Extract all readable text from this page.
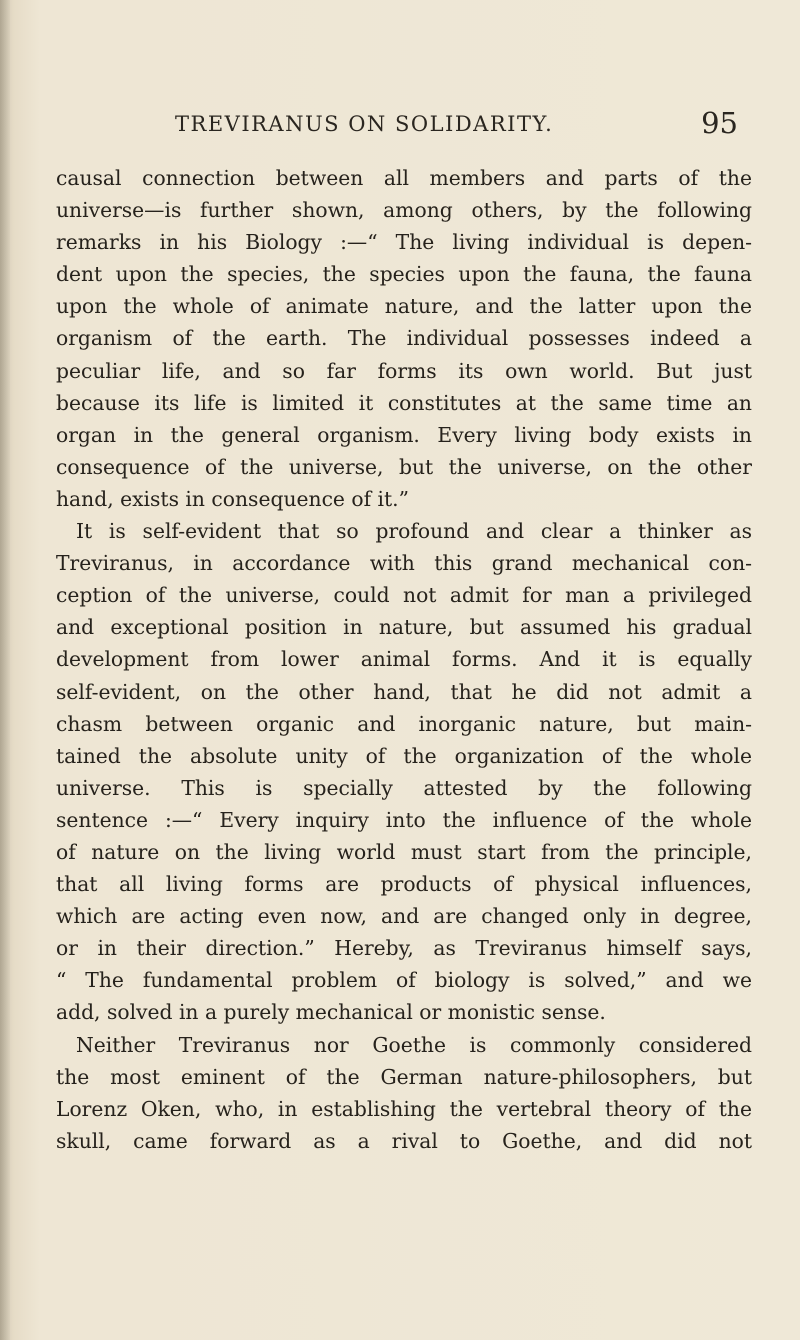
TREVIRANUS ON SOLIDARITY.	95
causal connection between all members and parts of the
universe—is further shown, among others, by the following
remarks in his Biology :—“ The living individual is depen-
dent upon the species, the species upon the fauna, the fauna
upon the whole of animate nature, and the latter upon the
organism of the earth. The individual possesses indeed a
peculiar life, and so far forms its own world. But just
because its life is limited it constitutes at the same time an
organ in the general organism. Every living body exists in
consequence of the universe, but the universe, on the other
hand, exists in consequence of it.”
It is self-evident that so profound and clear a thinker as
Treviranus, in accordance with this grand mechanical con-
ception of the universe, could not admit for man a privileged
and exceptional position in nature, but assumed his gradual
development from lower animal forms. And it is equally
self-evident, on the other hand, that he did not admit a
chasm between organic and inorganic nature, but main-
tained the absolute unity of the organization of the whole
universe. This is specially attested by the following
sentence :—“ Every inquiry into the influence of the whole
of nature on the living world must start from the principle,
that all living forms are products of physical influences,
which are acting even now, and are changed only in degree,
or in their direction.” Hereby, as Treviranus himself says,
“ The fundamental problem of biology is solved,” and we
add, solved in a purely mechanical or monistic sense.
Neither Treviranus nor Goethe is commonly considered
the most eminent of the German nature-philosophers, but
Lorenz Oken, who, in establishing the vertebral theory of the
skull, came forward as a rival to Goethe, and did not
